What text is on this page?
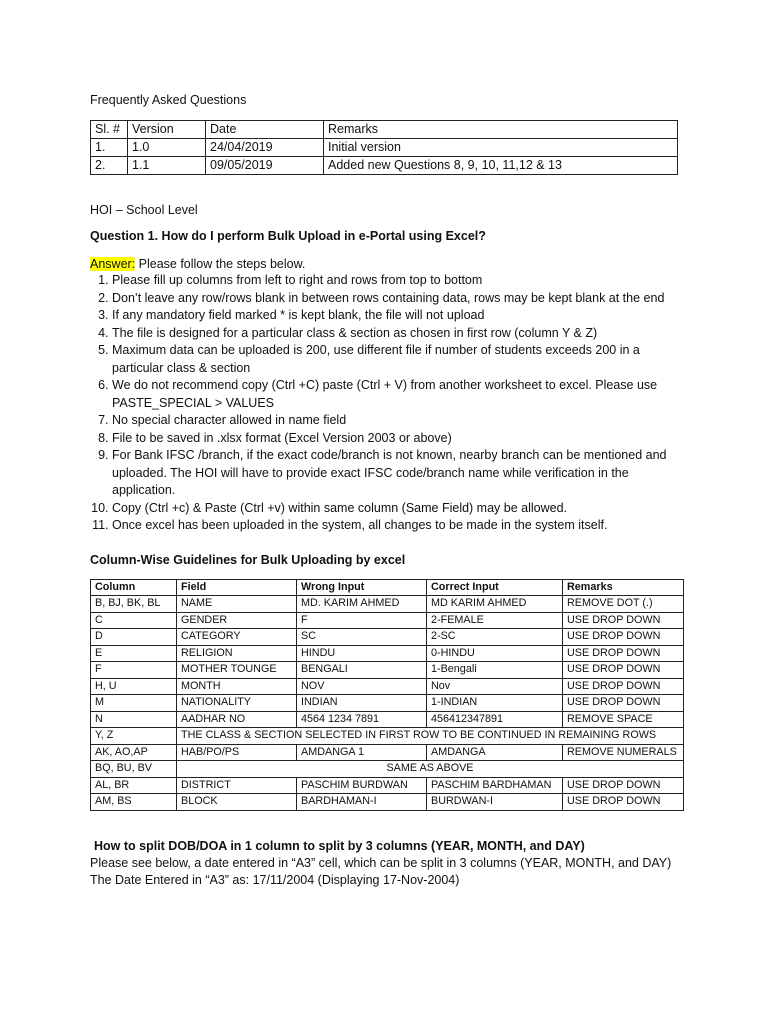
Frequently Asked Questions

Sl. #	Version	Date	Remarks
1.	1.0	24/04/2019	Initial version
2.	1.1	09/05/2019	Added new Questions 8, 9, 10, 11,12 & 13

HOI – School Level

Question 1. How do I perform Bulk Upload in e-Portal using Excel?

Answer: Please follow the steps below.

1. Please fill up columns from left to right and rows from top to bottom
2. Don’t leave any row/rows blank in between rows containing data, rows may be kept blank at the end
3. If any mandatory field marked * is kept blank, the file will not upload
4. The file is designed for a particular class & section as chosen in first row (column Y & Z)
5. Maximum data can be uploaded is 200, use different file if number of students exceeds 200 in a particular class & section
6. We do not recommend copy (Ctrl +C) paste (Ctrl + V) from another worksheet to excel. Please use PASTE_SPECIAL > VALUES
7. No special character allowed in name field
8. File to be saved in .xlsx format (Excel Version 2003 or above)
9. For Bank IFSC /branch, if the exact code/branch is not known, nearby branch can be mentioned and uploaded. The HOI will have to provide exact IFSC code/branch name while verification in the application.
10. Copy (Ctrl +c) & Paste (Ctrl +v) within same column (Same Field) may be allowed.
11. Once excel has been uploaded in the system, all changes to be made in the system itself.

Column-Wise Guidelines for Bulk Uploading by excel

Column	Field	Wrong Input	Correct Input	Remarks
B, BJ, BK, BL	NAME	MD. KARIM AHMED	MD KARIM AHMED	REMOVE DOT (.)
C	GENDER	F	2-FEMALE	USE DROP DOWN
D	CATEGORY	SC	2-SC	USE DROP DOWN
E	RELIGION	HINDU	0-HINDU	USE DROP DOWN
F	MOTHER TOUNGE	BENGALI	1-Bengali	USE DROP DOWN
H, U	MONTH	NOV	Nov	USE DROP DOWN
M	NATIONALITY	INDIAN	1-INDIAN	USE DROP DOWN
N	AADHAR NO	4564 1234 7891	456412347891	REMOVE SPACE
Y, Z	THE CLASS & SECTION SELECTED IN FIRST ROW TO BE CONTINUED IN REMAINING ROWS			
AK, AO,AP	HAB/PO/PS	AMDANGA 1	AMDANGA	REMOVE NUMERALS
BQ, BU, BV	SAME AS ABOVE			
AL, BR	DISTRICT	PASCHIM BURDWAN	PASCHIM BARDHAMAN	USE DROP DOWN
AM, BS	BLOCK	BARDHAMAN-I	BURDWAN-I	USE DROP DOWN

How to split DOB/DOA in 1 column to split by 3 columns (YEAR, MONTH, and DAY)

Please see below, a date entered in “A3” cell, which can be split in 3 columns (YEAR, MONTH, and DAY)

The Date Entered in “A3” as: 17/11/2004 (Displaying 17-Nov-2004)
